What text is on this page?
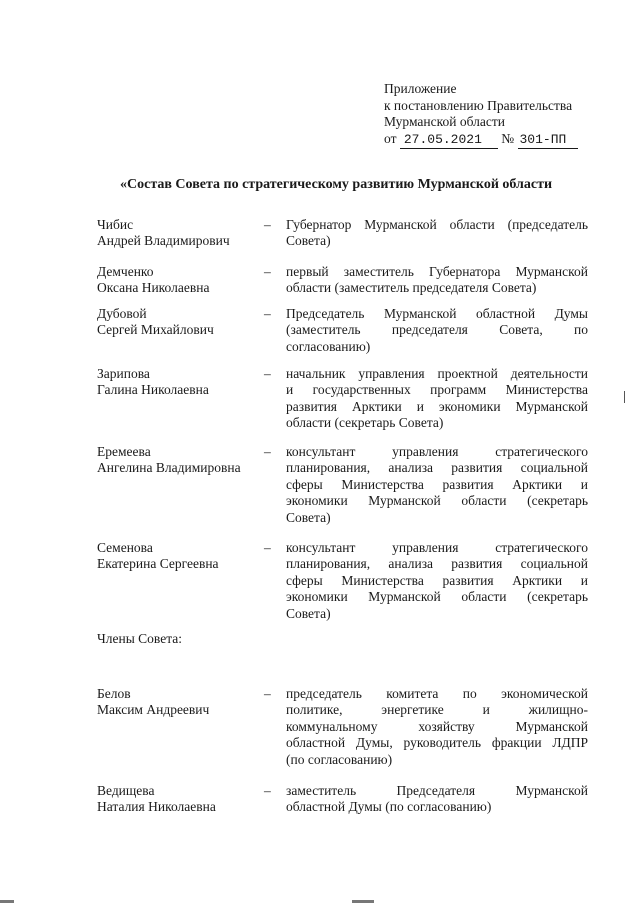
Приложение
к постановлению Правительства
Мурманской области
от 27.05.2021 № 301-ПП
«Состав Совета по стратегическому развитию Мурманской области
Чибис
Андрей Владимирович
– Губернатор Мурманской области (председатель
Совета)
Демченко
Оксана Николаевна
– первый заместитель Губернатора Мурманской
области (заместитель председателя Совета)
Дубовой
Сергей Михайлович
– Председатель Мурманской областной Думы
(заместитель председателя Совета, по
согласованию)
Зарипова
Галина Николаевна
– начальник управления проектной деятельности
и государственных программ Министерства
развития Арктики и экономики Мурманской
области (секретарь Совета)
Еремеева
Ангелина Владимировна
– консультант управления стратегического
планирования, анализа развития социальной
сферы Министерства развития Арктики и
экономики Мурманской области (секретарь
Совета)
Семенова
Екатерина Сергеевна
– консультант управления стратегического
планирования, анализа развития социальной
сферы Министерства развития Арктики и
экономики Мурманской области (секретарь
Совета)
Члены Совета:
Белов
Максим Андреевич
– председатель комитета по экономической
политике, энергетике и жилищно-
коммунальному хозяйству Мурманской
областной Думы, руководитель фракции ЛДПР
(по согласованию)
Ведищева
Наталия Николаевна
– заместитель Председателя Мурманской
областной Думы (по согласованию)
